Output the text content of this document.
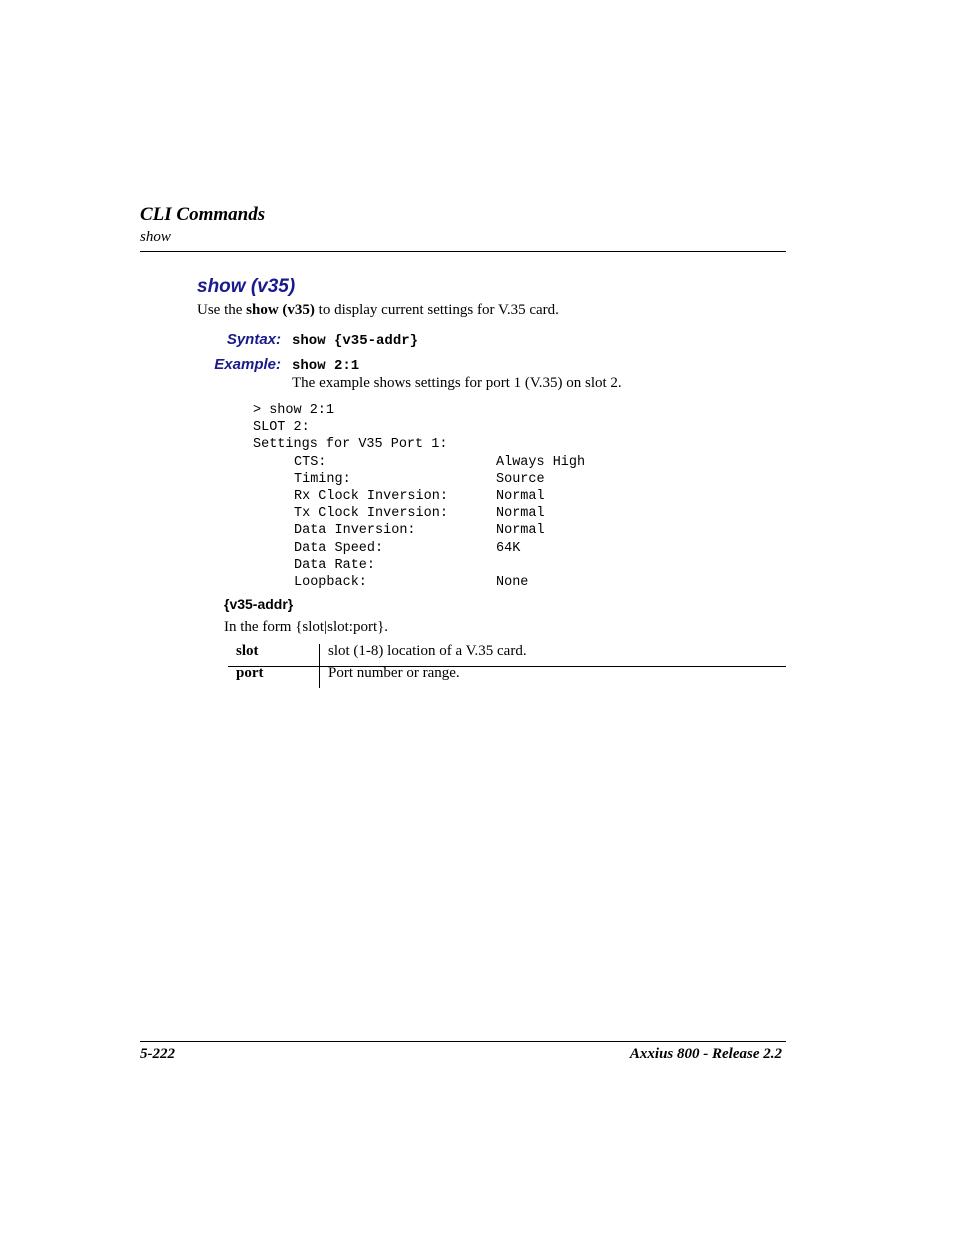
CLI Commands
show
show (v35)
Use the show (v35) to display current settings for V.35 card.
Syntax: show {v35-addr}
Example: show 2:1
The example shows settings for port 1 (V.35) on slot 2.
> show 2:1
SLOT 2:
Settings for V35 Port 1:
CTS:	Always High
Timing:	Source
Rx Clock Inversion:	Normal
Tx Clock Inversion:	Normal
Data Inversion:	Normal
Data Speed:	64K
Data Rate:
Loopback:	None
{v35-addr}
In the form {slot|slot:port}.
slot	slot (1-8) location of a V.35 card.
port	Port number or range.
5-222	Axxius 800 - Release 2.2
